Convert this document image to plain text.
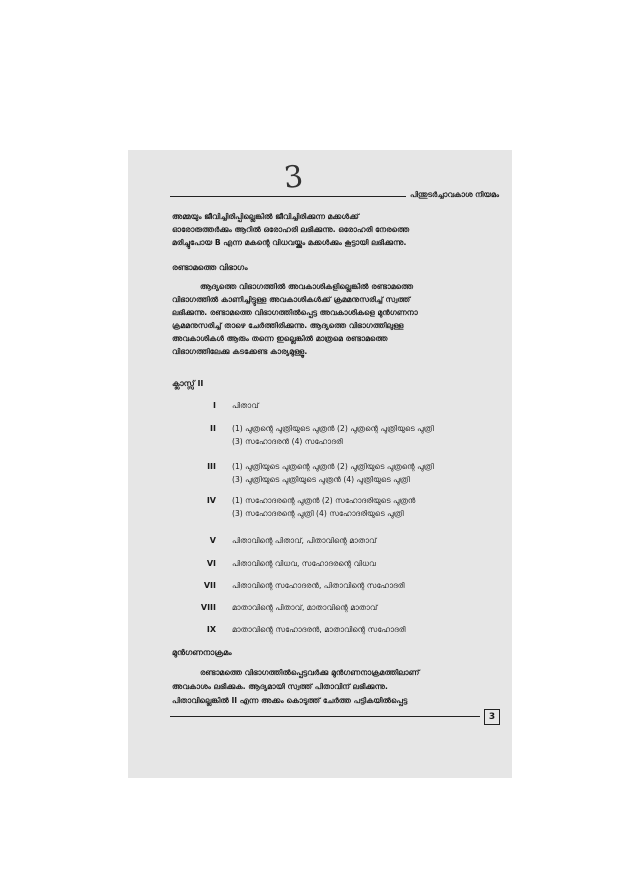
3	പിന്തുടർച്ചാവകാശ നിയമം
അമ്മയും ജീവിച്ചിരിപ്പില്ലെങ്കിൽ ജീവിച്ചിരിക്കുന്ന മക്കൾക്ക്
ഓരോരുത്തർക്കും ആറിൽ ഒരോഹരി ലഭിക്കുന്നു. ഒരോഹരി നേരത്തെ
മരിച്ചുപോയ B എന്ന മകന്റെ വിധവയ്ക്കും മക്കൾക്കും കൂട്ടായി ലഭിക്കുന്നു.
രണ്ടാമത്തെ വിഭാഗം
ആദ്യത്തെ വിഭാഗത്തിൽ അവകാശികളില്ലെങ്കിൽ രണ്ടാമത്തെ
വിഭാഗത്തിൽ കാണിച്ചിട്ടുള്ള അവകാശികൾക്ക് ക്രമമനുസരിച്ച് സ്വത്ത്
ലഭിക്കുന്നു. രണ്ടാമത്തെ വിഭാഗത്തിൽപ്പെട്ട അവകാശികളെ മുൻഗണനാ
ക്രമമനുസരിച്ച് താഴെ ചേർത്തിരിക്കുന്നു. ആദ്യത്തെ വിഭാഗത്തിലുള്ള
അവകാശികൾ ആരും തന്നെ ഇല്ലെങ്കിൽ മാത്രമെ രണ്ടാമത്തെ
വിഭാഗത്തിലേക്കു കടക്കേണ്ട കാര്യമുള്ളൂ.
ക്ലാസ്സ് II
I പിതാവ്
II (1) പുത്രന്റെ പുത്രിയുടെ പുത്രൻ (2) പുത്രന്റെ പുത്രിയുടെ പുത്രി
(3) സഹോദരൻ (4) സഹോദരി
III (1) പുത്രിയുടെ പുത്രന്റെ പുത്രൻ (2) പുത്രിയുടെ പുത്രന്റെ പുത്രി
(3) പുത്രിയുടെ പുത്രിയുടെ പുത്രൻ (4) പുത്രിയുടെ പുത്രി
IV (1) സഹോദരന്റെ പുത്രൻ (2) സഹോദരിയുടെ പുത്രൻ
(3) സഹോദരന്റെ പുത്രി (4) സഹോദരിയുടെ പുത്രി
V പിതാവിന്റെ പിതാവ്, പിതാവിന്റെ മാതാവ്
VI പിതാവിന്റെ വിധവ, സഹോദരന്റെ വിധവ
VII പിതാവിന്റെ സഹോദരൻ, പിതാവിന്റെ സഹോദരി
VIII മാതാവിന്റെ പിതാവ്, മാതാവിന്റെ മാതാവ്
IX മാതാവിന്റെ സഹോദരൻ, മാതാവിന്റെ സഹോദരി
മുൻഗണനാക്രമം
രണ്ടാമത്തെ വിഭാഗത്തിൽപ്പെട്ടവർക്കു മുൻഗണനാക്രമത്തിലാണ്
അവകാശം ലഭിക്കുക. ആദ്യമായി സ്വത്ത് പിതാവിന് ലഭിക്കുന്നു.
പിതാവില്ലെങ്കിൽ II എന്ന അക്കം കൊടുത്ത് ചേർത്ത പട്ടികയിൽപ്പെട്ട
3
